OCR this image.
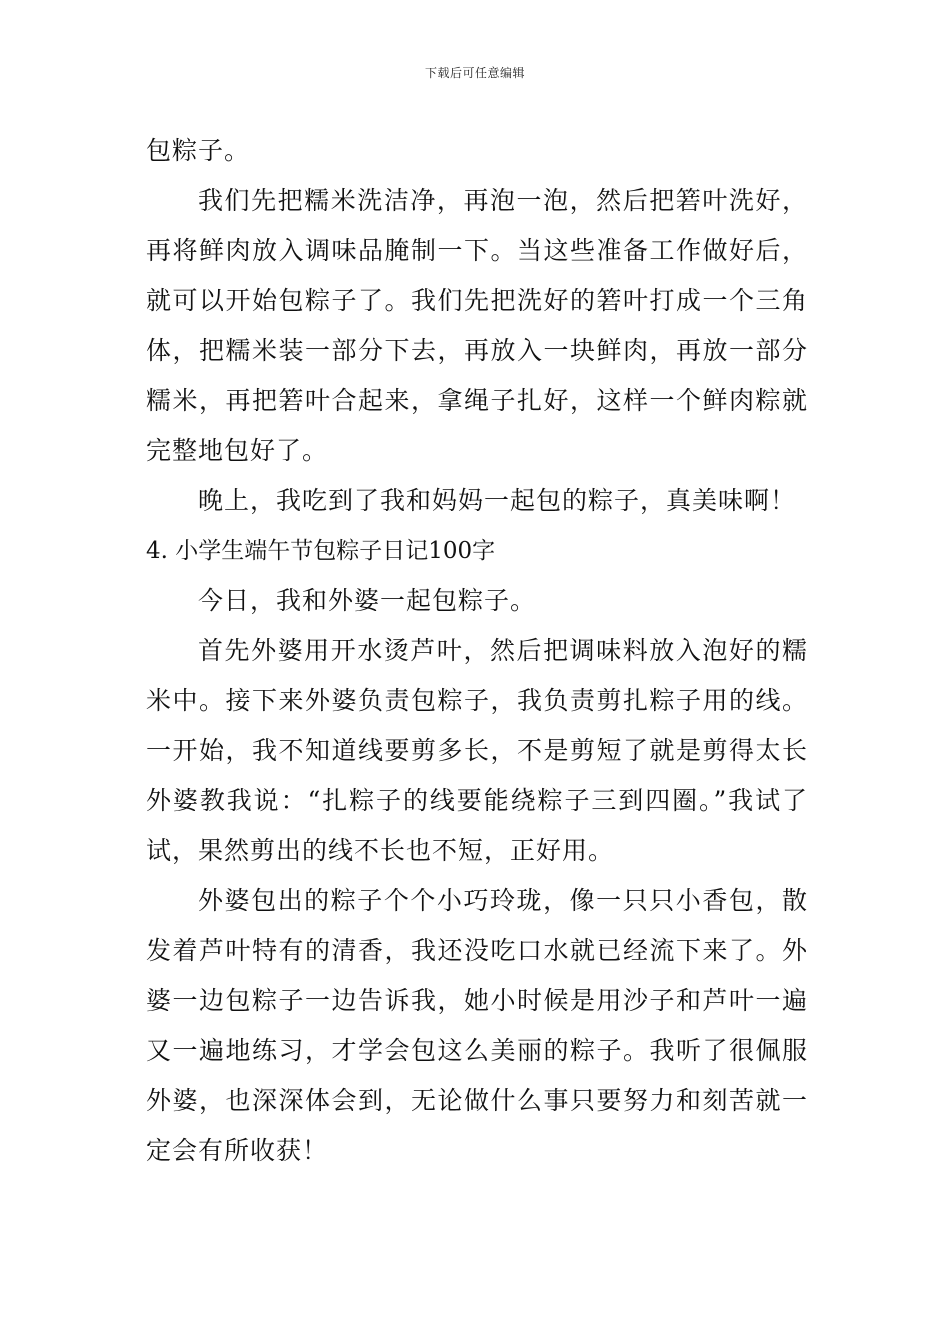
下载后可任意编辑

包粽子。

我们先把糯米洗洁净，再泡一泡，然后把箬叶洗好，再将鲜肉放入调味品腌制一下。当这些准备工作做好后，就可以开始包粽子了。我们先把洗好的箬叶打成一个三角体，把糯米装一部分下去，再放入一块鲜肉，再放一部分糯米，再把箬叶合起来，拿绳子扎好，这样一个鲜肉粽就完整地包好了。

晚上，我吃到了我和妈妈一起包的粽子，真美味啊！

4. 小学生端午节包粽子日记100字

今日，我和外婆一起包粽子。

首先外婆用开水烫芦叶，然后把调味料放入泡好的糯米中。接下来外婆负责包粽子，我负责剪扎粽子用的线。一开始，我不知道线要剪多长，不是剪短了就是剪得太长外婆教我说：“扎粽子的线要能绕粽子三到四圈。”我试了试，果然剪出的线不长也不短，正好用。

外婆包出的粽子个个小巧玲珑，像一只只小香包，散发着芦叶特有的清香，我还没吃口水就已经流下来了。外婆一边包粽子一边告诉我，她小时候是用沙子和芦叶一遍又一遍地练习，才学会包这么美丽的粽子。我听了很佩服外婆，也深深体会到，无论做什么事只要努力和刻苦就一定会有所收获！
